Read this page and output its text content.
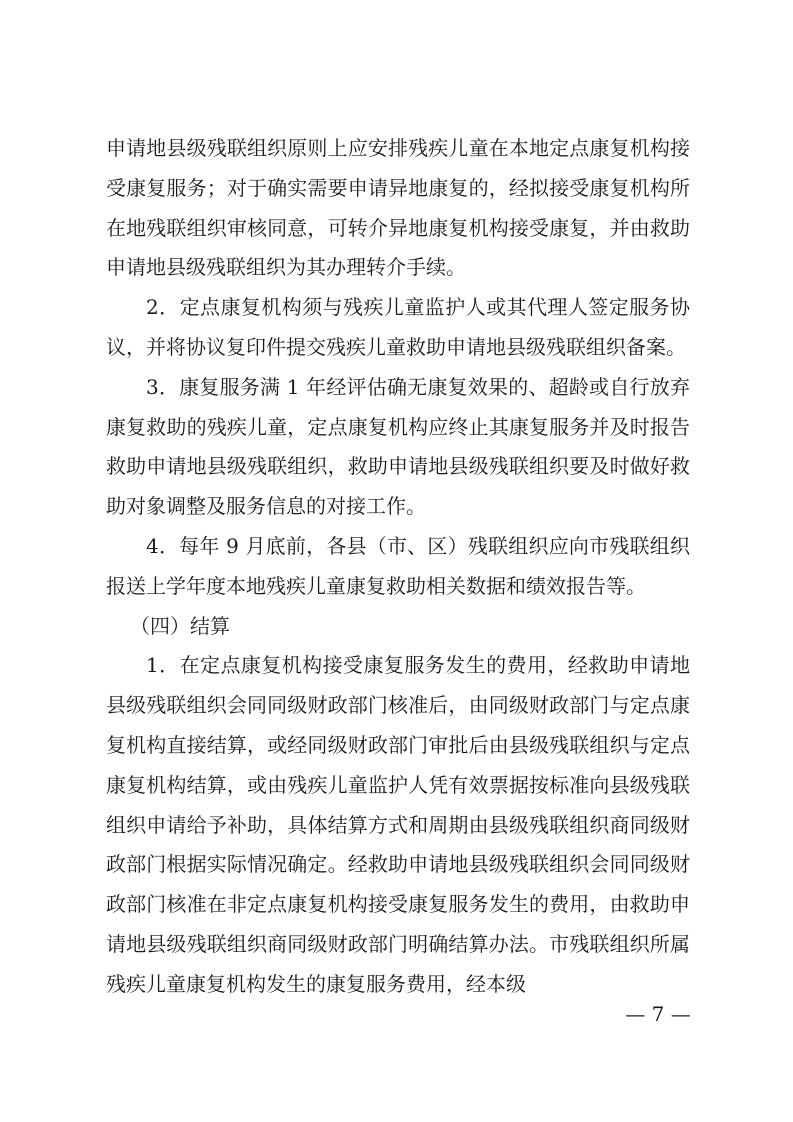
申请地县级残联组织原则上应安排残疾儿童在本地定点康复机构接受康复服务；对于确实需要申请异地康复的，经拟接受康复机构所在地残联组织审核同意，可转介异地康复机构接受康复，并由救助申请地县级残联组织为其办理转介手续。

2．定点康复机构须与残疾儿童监护人或其代理人签定服务协议，并将协议复印件提交残疾儿童救助申请地县级残联组织备案。

3．康复服务满 1 年经评估确无康复效果的、超龄或自行放弃康复救助的残疾儿童，定点康复机构应终止其康复服务并及时报告救助申请地县级残联组织，救助申请地县级残联组织要及时做好救助对象调整及服务信息的对接工作。

4．每年 9 月底前，各县（市、区）残联组织应向市残联组织报送上学年度本地残疾儿童康复救助相关数据和绩效报告等。

（四）结算

1．在定点康复机构接受康复服务发生的费用，经救助申请地县级残联组织会同同级财政部门核准后，由同级财政部门与定点康复机构直接结算，或经同级财政部门审批后由县级残联组织与定点康复机构结算，或由残疾儿童监护人凭有效票据按标准向县级残联组织申请给予补助，具体结算方式和周期由县级残联组织商同级财政部门根据实际情况确定。经救助申请地县级残联组织会同同级财政部门核准在非定点康复机构接受康复服务发生的费用，由救助申请地县级残联组织商同级财政部门明确结算办法。市残联组织所属残疾儿童康复机构发生的康复服务费用，经本级

— 7 —
